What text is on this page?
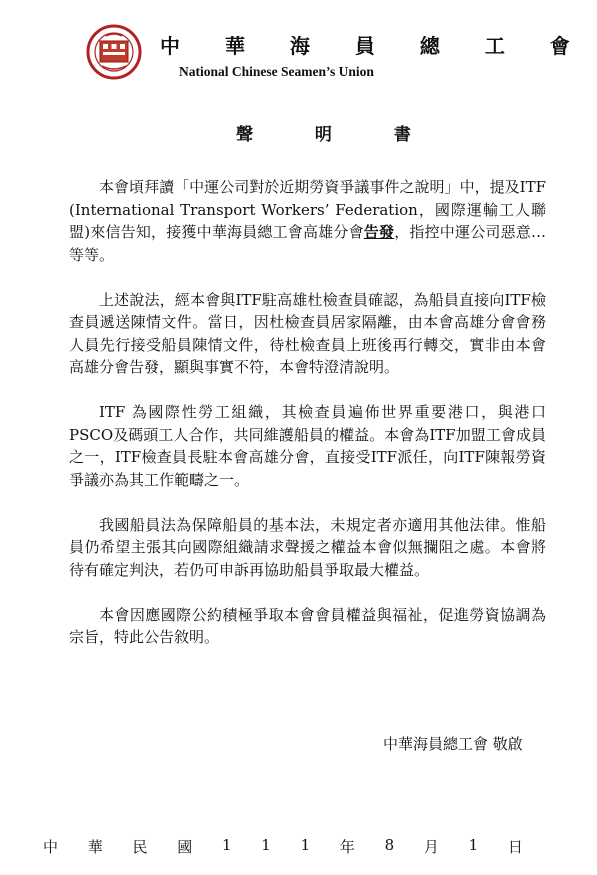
中 華 海 員 總 工 會
National Chinese Seamen’s Union
聲 明 書

本會頃拜讀「中運公司對於近期勞資爭議事件之說明」中，提及ITF (International Transport Workers’ Federation，國際運輸工人聯盟)來信告知，接獲中華海員總工會高雄分會告發，指控中運公司惡意…等等。

上述說法，經本會與ITF駐高雄杜檢查員確認，為船員直接向ITF檢查員遞送陳情文件。當日，因杜檢查員居家隔離，由本會高雄分會會務人員先行接受船員陳情文件，待杜檢查員上班後再行轉交，實非由本會高雄分會告發，顯與事實不符，本會特澄清說明。

ITF 為國際性勞工組織，其檢查員遍佈世界重要港口，與港口PSCO及碼頭工人合作，共同維護船員的權益。本會為ITF加盟工會成員之一，ITF檢查員長駐本會高雄分會，直接受ITF派任，向ITF陳報勞資爭議亦為其工作範疇之一。

我國船員法為保障船員的基本法，未規定者亦適用其他法律。惟船員仍希望主張其向國際組織請求聲援之權益本會似無攔阻之處。本會將待有確定判決，若仍可申訴再協助船員爭取最大權益。

本會因應國際公約積極爭取本會會員權益與福祉，促進勞資協調為宗旨，特此公告敘明。

中華海員總工會 敬啟
中 華 民 國 1 1 1 年 8 月 1 日
